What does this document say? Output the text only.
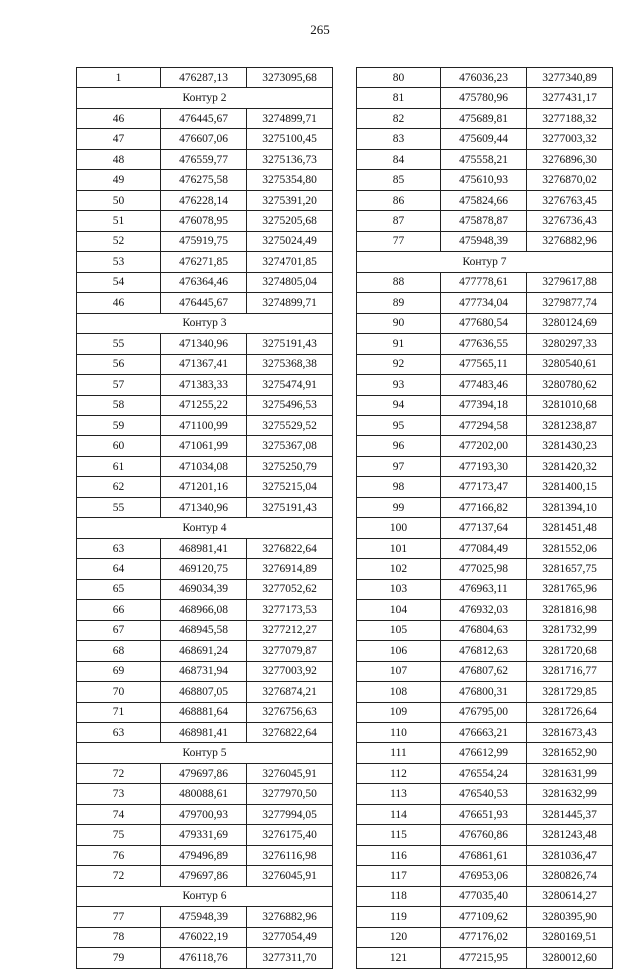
265
1	476287,13	3273095,68
Контур 2		
46	476445,67	3274899,71
47	476607,06	3275100,45
48	476559,77	3275136,73
49	476275,58	3275354,80
50	476228,14	3275391,20
51	476078,95	3275205,68
52	475919,75	3275024,49
53	476271,85	3274701,85
54	476364,46	3274805,04
46	476445,67	3274899,71
Контур 3		
55	471340,96	3275191,43
56	471367,41	3275368,38
57	471383,33	3275474,91
58	471255,22	3275496,53
59	471100,99	3275529,52
60	471061,99	3275367,08
61	471034,08	3275250,79
62	471201,16	3275215,04
55	471340,96	3275191,43
Контур 4		
63	468981,41	3276822,64
64	469120,75	3276914,89
65	469034,39	3277052,62
66	468966,08	3277173,53
67	468945,58	3277212,27
68	468691,24	3277079,87
69	468731,94	3277003,92
70	468807,05	3276874,21
71	468881,64	3276756,63
63	468981,41	3276822,64
Контур 5		
72	479697,86	3276045,91
73	480088,61	3277970,50
74	479700,93	3277994,05
75	479331,69	3276175,40
76	479496,89	3276116,98
72	479697,86	3276045,91
Контур 6		
77	475948,39	3276882,96
78	476022,19	3277054,49
79	476118,76	3277311,70
80	476036,23	3277340,89
81	475780,96	3277431,17
82	475689,81	3277188,32
83	475609,44	3277003,32
84	475558,21	3276896,30
85	475610,93	3276870,02
86	475824,66	3276763,45
87	475878,87	3276736,43
77	475948,39	3276882,96
Контур 7		
88	477778,61	3279617,88
89	477734,04	3279877,74
90	477680,54	3280124,69
91	477636,55	3280297,33
92	477565,11	3280540,61
93	477483,46	3280780,62
94	477394,18	3281010,68
95	477294,58	3281238,87
96	477202,00	3281430,23
97	477193,30	3281420,32
98	477173,47	3281400,15
99	477166,82	3281394,10
100	477137,64	3281451,48
101	477084,49	3281552,06
102	477025,98	3281657,75
103	476963,11	3281765,96
104	476932,03	3281816,98
105	476804,63	3281732,99
106	476812,63	3281720,68
107	476807,62	3281716,77
108	476800,31	3281729,85
109	476795,00	3281726,64
110	476663,21	3281673,43
111	476612,99	3281652,90
112	476554,24	3281631,99
113	476540,53	3281632,99
114	476651,93	3281445,37
115	476760,86	3281243,48
116	476861,61	3281036,47
117	476953,06	3280826,74
118	477035,40	3280614,27
119	477109,62	3280395,90
120	477176,02	3280169,51
121	477215,95	3280012,60
